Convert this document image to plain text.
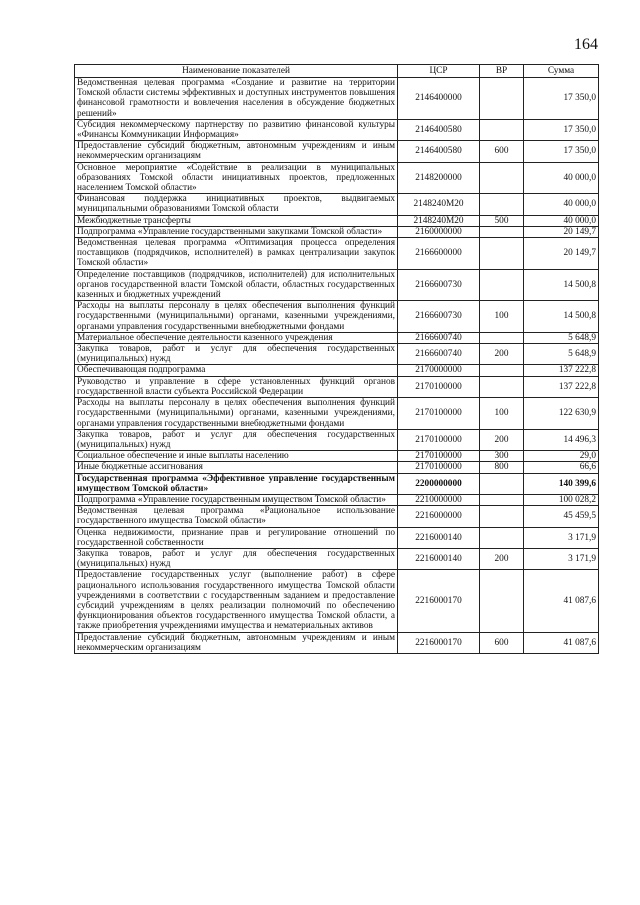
164
Наименование показателей	ЦСР	ВР	Сумма
Ведомственная целевая программа «Создание и развитие на территории Томской области системы эффективных и доступных инструментов повышения финансовой грамотности и вовлечения населения в обсуждение бюджетных решений»	2146400000		17 350,0
Субсидия некоммерческому партнерству по развитию финансовой культуры «Финансы Коммуникации Информация»	2146400580		17 350,0
Предоставление субсидий бюджетным, автономным учреждениям и иным некоммерческим организациям	2146400580	600	17 350,0
Основное мероприятие «Содействие в реализации в муниципальных образованиях Томской области инициативных проектов, предложенных населением Томской области»	2148200000		40 000,0
Финансовая поддержка инициативных проектов, выдвигаемых муниципальными образованиями Томской области	2148240M20		40 000,0
Межбюджетные трансферты	2148240M20	500	40 000,0
Подпрограмма «Управление государственными закупками Томской области»	2160000000		20 149,7
Ведомственная целевая программа «Оптимизация процесса определения поставщиков (подрядчиков, исполнителей) в рамках централизации закупок Томской области»	2166600000		20 149,7
Определение поставщиков (подрядчиков, исполнителей) для исполнительных органов государственной власти Томской области, областных государственных казенных и бюджетных учреждений	2166600730		14 500,8
Расходы на выплаты персоналу в целях обеспечения выполнения функций государственными (муниципальными) органами, казенными учреждениями, органами управления государственными внебюджетными фондами	2166600730	100	14 500,8
Материальное обеспечение деятельности казенного учреждения	2166600740		5 648,9
Закупка товаров, работ и услуг для обеспечения государственных (муниципальных) нужд	2166600740	200	5 648,9
Обеспечивающая подпрограмма	2170000000		137 222,8
Руководство и управление в сфере установленных функций органов государственной власти субъекта Российской Федерации	2170100000		137 222,8
Расходы на выплаты персоналу в целях обеспечения выполнения функций государственными (муниципальными) органами, казенными учреждениями, органами управления государственными внебюджетными фондами	2170100000	100	122 630,9
Закупка товаров, работ и услуг для обеспечения государственных (муниципальных) нужд	2170100000	200	14 496,3
Социальное обеспечение и иные выплаты населению	2170100000	300	29,0
Иные бюджетные ассигнования	2170100000	800	66,6
Государственная программа «Эффективное управление государственным имуществом Томской области»	2200000000		140 399,6
Подпрограмма «Управление государственным имуществом Томской области»	2210000000		100 028,2
Ведомственная целевая программа «Рациональное использование государственного имущества Томской области»	2216000000		45 459,5
Оценка недвижимости, признание прав и регулирование отношений по государственной собственности	2216000140		3 171,9
Закупка товаров, работ и услуг для обеспечения государственных (муниципальных) нужд	2216000140	200	3 171,9
Предоставление государственных услуг (выполнение работ) в сфере рационального использования государственного имущества Томской области учреждениями в соответствии с государственным заданием и предоставление субсидий учреждениям в целях реализации полномочий по обеспечению функционирования объектов государственного имущества Томской области, а также приобретения учреждениями имущества и нематериальных активов	2216000170		41 087,6
Предоставление субсидий бюджетным, автономным учреждениям и иным некоммерческим организациям	2216000170	600	41 087,6
